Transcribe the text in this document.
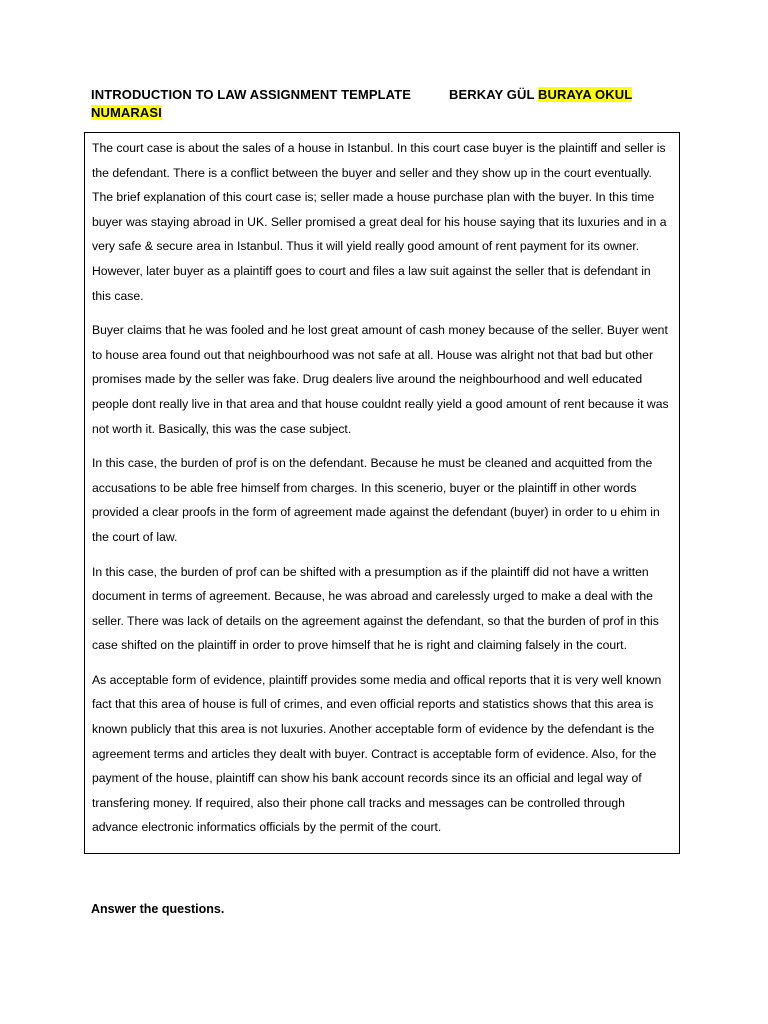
INTRODUCTION TO LAW ASSIGNMENT TEMPLATE	BERKAY GÜL BURAYA OKUL NUMARASI

The court case is about the sales of a house in Istanbul. In this court case buyer is the plaintiff and seller is the defendant. There is a conflict between the buyer and seller and they show up in the court eventually. The brief explanation of this court case is; seller made a house purchase plan with the buyer. In this time buyer was staying abroad in UK. Seller promised a great deal for his house saying that its luxuries and in a very safe & secure area in Istanbul. Thus it will yield really good amount of rent payment for its owner. However, later buyer as a plaintiff goes to court and files a law suit against the seller that is defendant in this case.

Buyer claims that he was fooled and he lost great amount of cash money because of the seller. Buyer went to house area found out that neighbourhood was not safe at all. House was alright not that bad but other promises made by the seller was fake. Drug dealers live around the neighbourhood and well educated people dont really live in that area and that house couldnt really yield a good amount of rent because it was not worth it. Basically, this was the case subject.

In this case, the burden of prof is on the defendant. Because he must be cleaned and acquitted from the accusations to be able free himself from charges. In this scenerio, buyer or the plaintiff in other words provided a clear proofs in the form of agreement made against the defendant (buyer) in order to u ehim in the court of law.

In this case, the burden of prof can be shifted with a presumption as if the plaintiff did not have a written document in terms of agreement. Because, he was abroad and carelessly urged to make a deal with the seller. There was lack of details on the agreement against the defendant, so that the burden of prof in this case shifted on the plaintiff in order to prove himself that he is right and claiming falsely in the court.

As acceptable form of evidence, plaintiff provides some media and offical reports that it is very well known fact that this area of house is full of crimes, and even official reports and statistics shows that this area is known publicly that this area is not luxuries. Another acceptable form of evidence by the defendant is the agreement terms and articles they dealt with buyer. Contract is acceptable form of evidence. Also, for the payment of the house, plaintiff can show his bank account records since its an official and legal way of transfering money. If required, also their phone call tracks and messages can be controlled through advance electronic informatics officials by the permit of the court.

Answer the questions.
